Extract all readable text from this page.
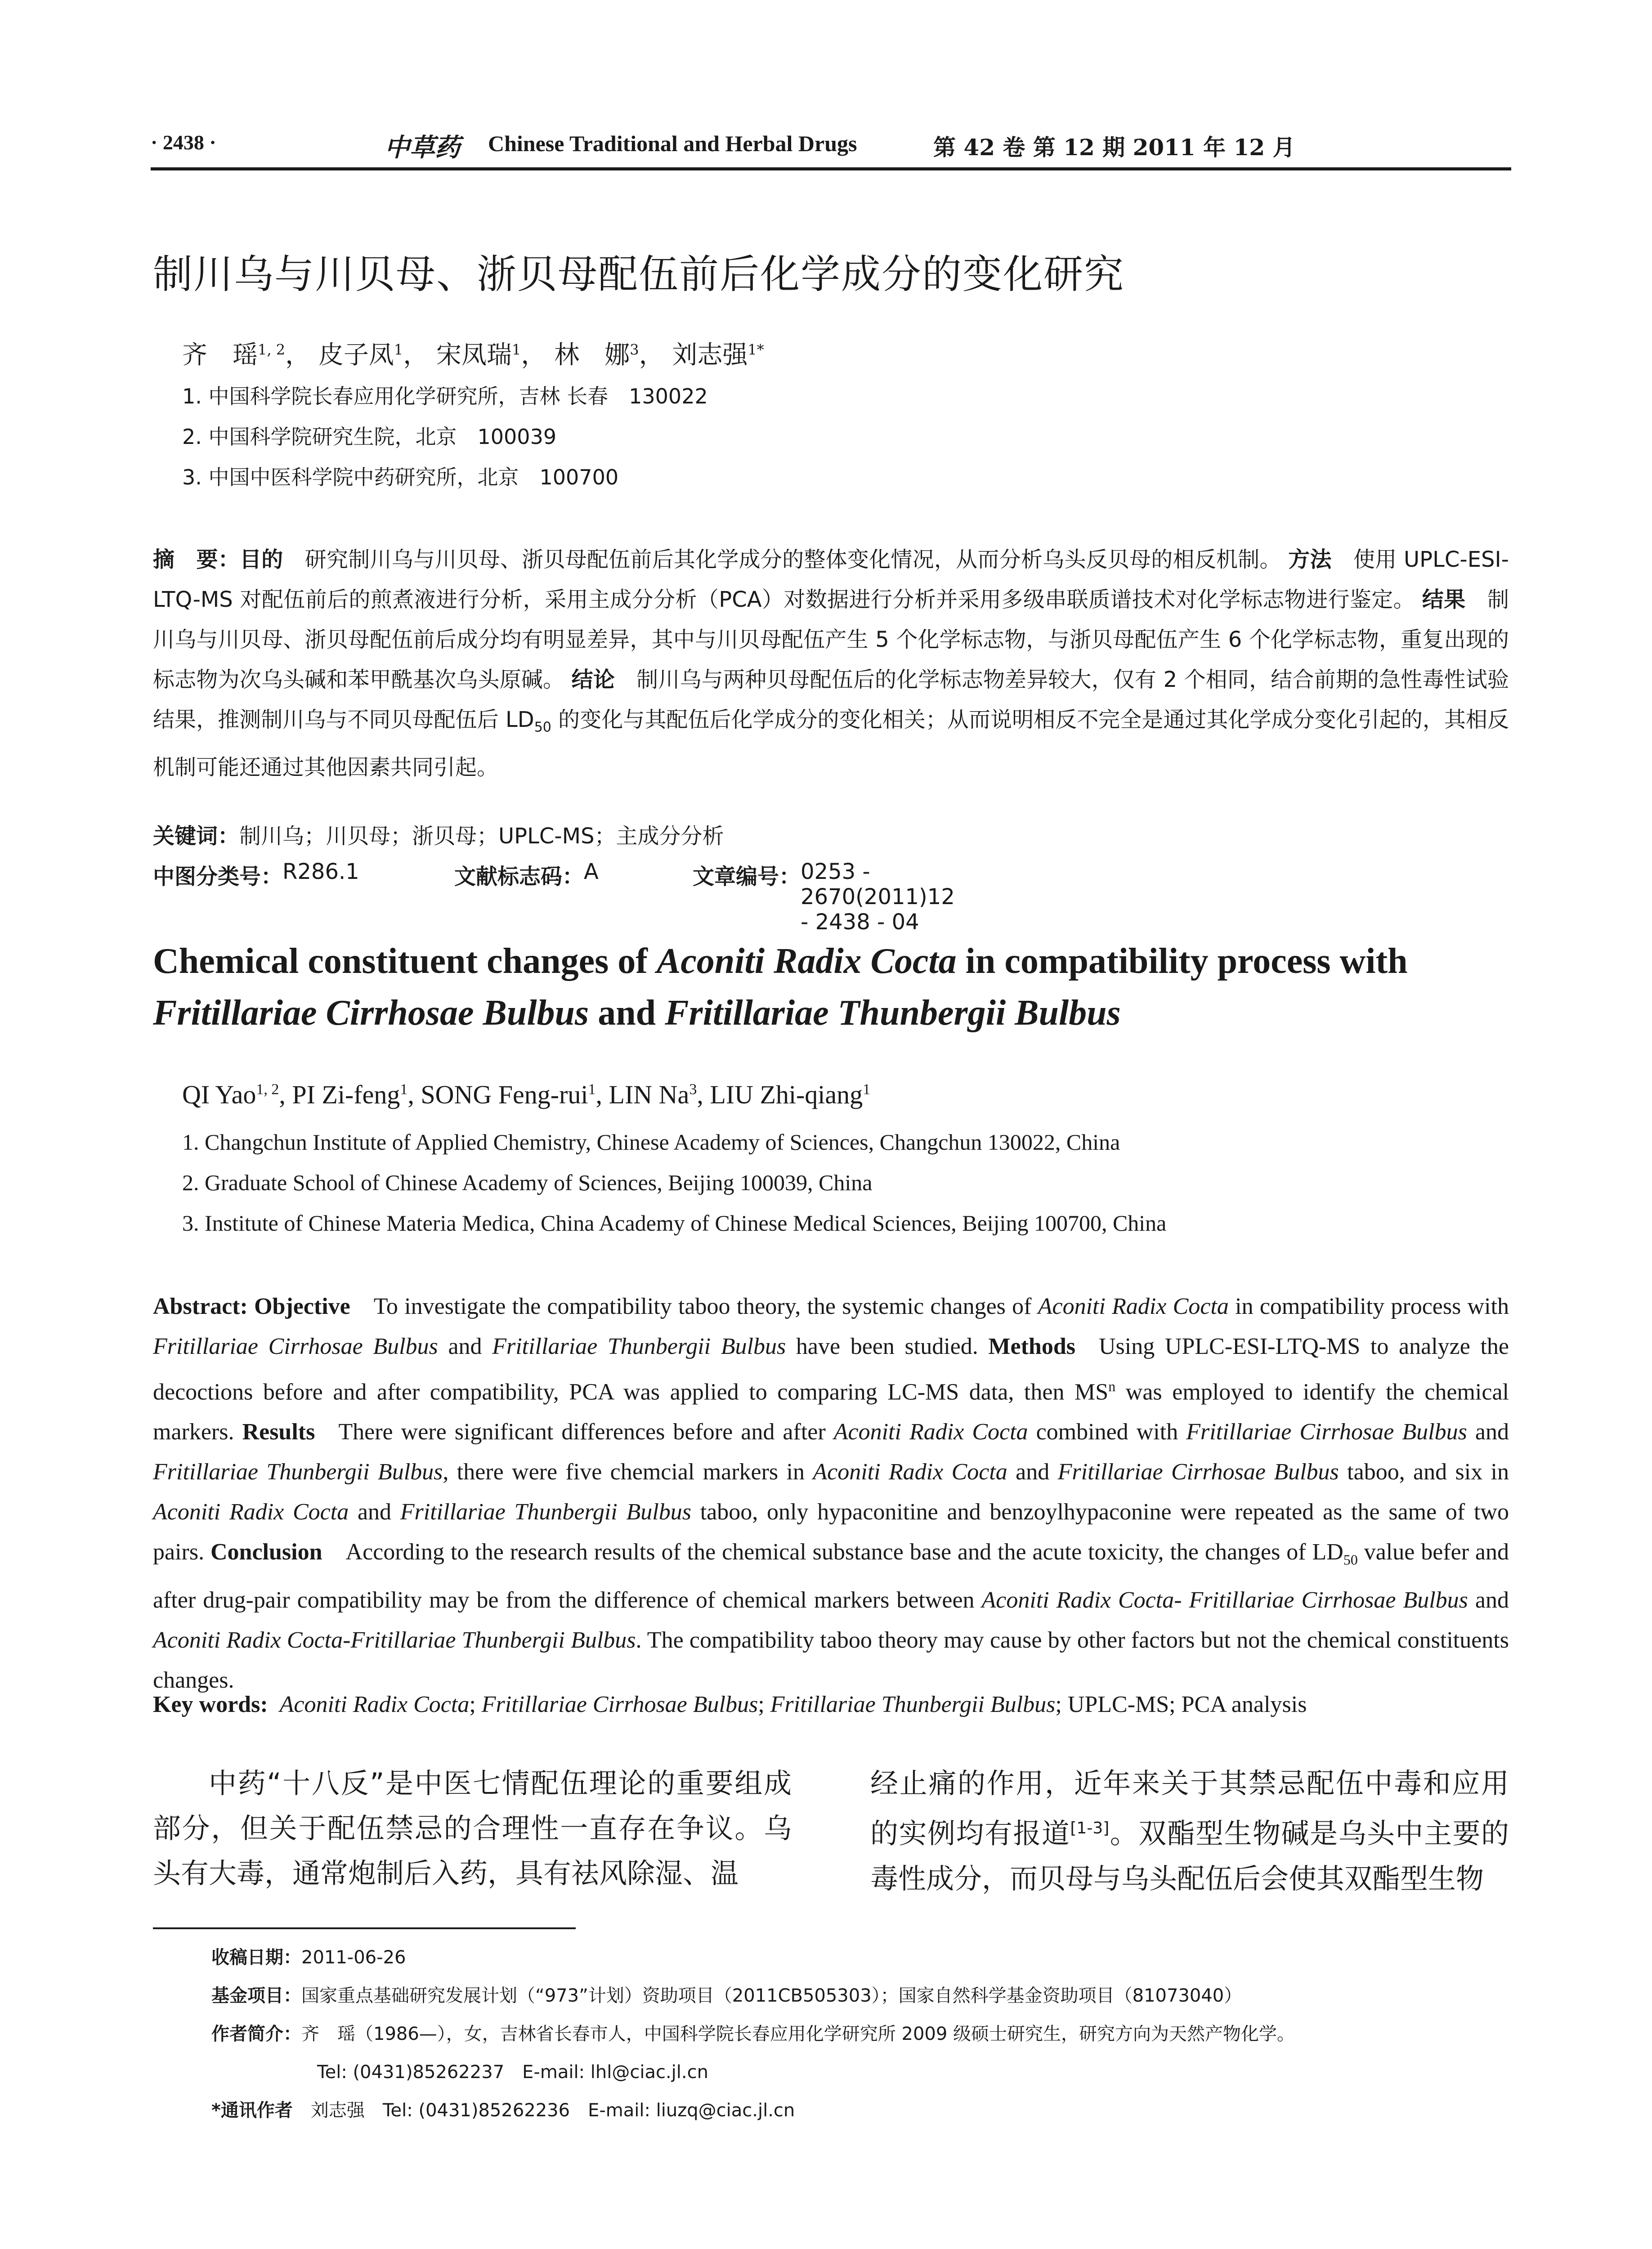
· 2438 ·	中草药 Chinese Traditional and Herbal Drugs	第 42 卷 第 12 期 2011 年 12 月
制川乌与川贝母、浙贝母配伍前后化学成分的变化研究
齐　瑶$^{1, 2}$， 皮子凤$^1$， 宋凤瑞$^1$， 林　娜$^3$， 刘志强$^{1*}$
1. 中国科学院长春应用化学研究所，吉林 长春　130022
2. 中国科学院研究生院，北京　100039
3. 中国中医科学院中药研究所，北京　100700
摘　要：目的  研究制川乌与川贝母、浙贝母配伍前后其化学成分的整体变化情况，从而分析乌头反贝母的相反机制。 方法  使用 UPLC-ESI-LTQ-MS 对配伍前后的煎煮液进行分析，采用主成分分析（PCA）对数据进行分析并采用多级串联质谱技术对化学标志物进行鉴定。 结果  制川乌与川贝母、浙贝母配伍前后成分均有明显差异，其中与川贝母配伍产生 5 个化学标志物，与浙贝母配伍产生 6 个化学标志物，重复出现的标志物为次乌头碱和苯甲酰基次乌头原碱。 结论  制川乌与两种贝母配伍后的化学标志物差异较大，仅有 2 个相同，结合前期的急性毒性试验结果，推测制川乌与不同贝母配伍后 $LD_{50}$ 的变化与其配伍后化学成分的变化相关；从而说明相反不完全是通过其化学成分变化引起的，其相反机制可能还通过其他因素共同引起。
关键词：制川乌；川贝母；浙贝母；UPLC-MS；主成分分析
中图分类号： R286.1	文献标志码： A	文章编号： 0253 - 2670(2011)12 - 2438 - 04
Chemical constituent changes of Aconiti Radix Cocta in compatibility process with
Fritillariae Cirrhosae Bulbus and Fritillariae Thunbergii Bulbus
QI Yao$^{1, 2}$, PI Zi-feng$^1$, SONG Feng-rui$^1$, LIN Na$^3$, LIU Zhi-qiang$^1$
1. Changchun Institute of Applied Chemistry, Chinese Academy of Sciences, Changchun 130022, China
2. Graduate School of Chinese Academy of Sciences, Beijing 100039, China
3. Institute of Chinese Materia Medica, China Academy of Chinese Medical Sciences, Beijing 100700, China
Abstract: Objective  To investigate the compatibility taboo theory, the systemic changes of Aconiti Radix Cocta in compatibility process with Fritillariae Cirrhosae Bulbus and Fritillariae Thunbergii Bulbus have been studied. Methods  Using UPLC-ESI-LTQ-MS to analyze the decoctions before and after compatibility, PCA was applied to comparing LC-MS data, then $MS^n$ was employed to identify the chemical markers. Results  There were significant differences before and after Aconiti Radix Cocta combined with Fritillariae Cirrhosae Bulbus and Fritillariae Thunbergii Bulbus, there were five chemcial markers in Aconiti Radix Cocta and Fritillariae Cirrhosae Bulbus taboo, and six in Aconiti Radix Cocta and Fritillariae Thunbergii Bulbus taboo, only hypaconitine and benzoylhypaconine were repeated as the same of two pairs. Conclusion  According to the research results of the chemical substance base and the acute toxicity, the changes of $LD_{50}$ value befer and after drug-pair compatibility may be from the difference of chemical markers between Aconiti Radix Cocta- Fritillariae Cirrhosae Bulbus and Aconiti Radix Cocta-Fritillariae Thunbergii Bulbus. The compatibility taboo theory may cause by other factors but not the chemical constituents changes.
Key words:  Aconiti Radix Cocta; Fritillariae Cirrhosae Bulbus; Fritillariae Thunbergii Bulbus; UPLC-MS; PCA analysis
中药“十八反”是中医七情配伍理论的重要组成部分，但关于配伍禁忌的合理性一直存在争议。乌头有大毒，通常炮制后入药，具有祛风除湿、温
经止痛的作用，近年来关于其禁忌配伍中毒和应用的实例均有报道[1-3]。双酯型生物碱是乌头中主要的毒性成分，而贝母与乌头配伍后会使其双酯型生物
收稿日期：2011-06-26
基金项目：国家重点基础研究发展计划（“973”计划）资助项目（2011CB505303）；国家自然科学基金资助项目（81073040）
作者简介：齐　瑶（1986—），女，吉林省长春市人，中国科学院长春应用化学研究所 2009 级硕士研究生，研究方向为天然产物化学。
Tel: (0431)85262237　E-mail: lhl@ciac.jl.cn
*通讯作者  刘志强　Tel: (0431)85262236　E-mail: liuzq@ciac.jl.cn
